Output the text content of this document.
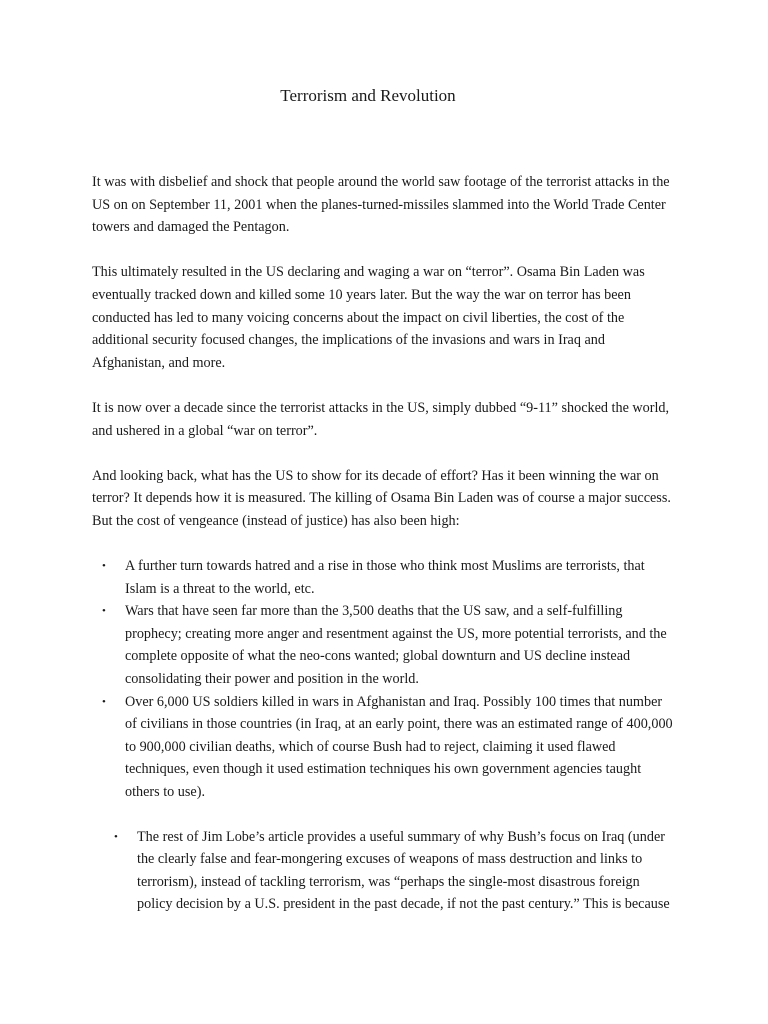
Terrorism and Revolution

It was with disbelief and shock that people around the world saw footage of the terrorist attacks in the US on on September 11, 2001 when the planes-turned-missiles slammed into the World Trade Center towers and damaged the Pentagon.

This ultimately resulted in the US declaring and waging a war on “terror”. Osama Bin Laden was eventually tracked down and killed some 10 years later. But the way the war on terror has been conducted has led to many voicing concerns about the impact on civil liberties, the cost of the additional security focused changes, the implications of the invasions and wars in Iraq and Afghanistan, and more.

It is now over a decade since the terrorist attacks in the US, simply dubbed “9-11” shocked the world, and ushered in a global “war on terror”.

And looking back, what has the US to show for its decade of effort? Has it been winning the war on terror? It depends how it is measured. The killing of Osama Bin Laden was of course a major success. But the cost of vengeance (instead of justice) has also been high:

• A further turn towards hatred and a rise in those who think most Muslims are terrorists, that Islam is a threat to the world, etc.
• Wars that have seen far more than the 3,500 deaths that the US saw, and a self-fulfilling prophecy; creating more anger and resentment against the US, more potential terrorists, and the complete opposite of what the neo-cons wanted; global downturn and US decline instead consolidating their power and position in the world.
• Over 6,000 US soldiers killed in wars in Afghanistan and Iraq. Possibly 100 times that number of civilians in those countries (in Iraq, at an early point, there was an estimated range of 400,000 to 900,000 civilian deaths, which of course Bush had to reject, claiming it used flawed techniques, even though it used estimation techniques his own government agencies taught others to use).
• The rest of Jim Lobe’s article provides a useful summary of why Bush’s focus on Iraq (under the clearly false and fear-mongering excuses of weapons of mass destruction and links to terrorism), instead of tackling terrorism, was “perhaps the single-most disastrous foreign policy decision by a U.S. president in the past decade, if not the past century.” This is because
